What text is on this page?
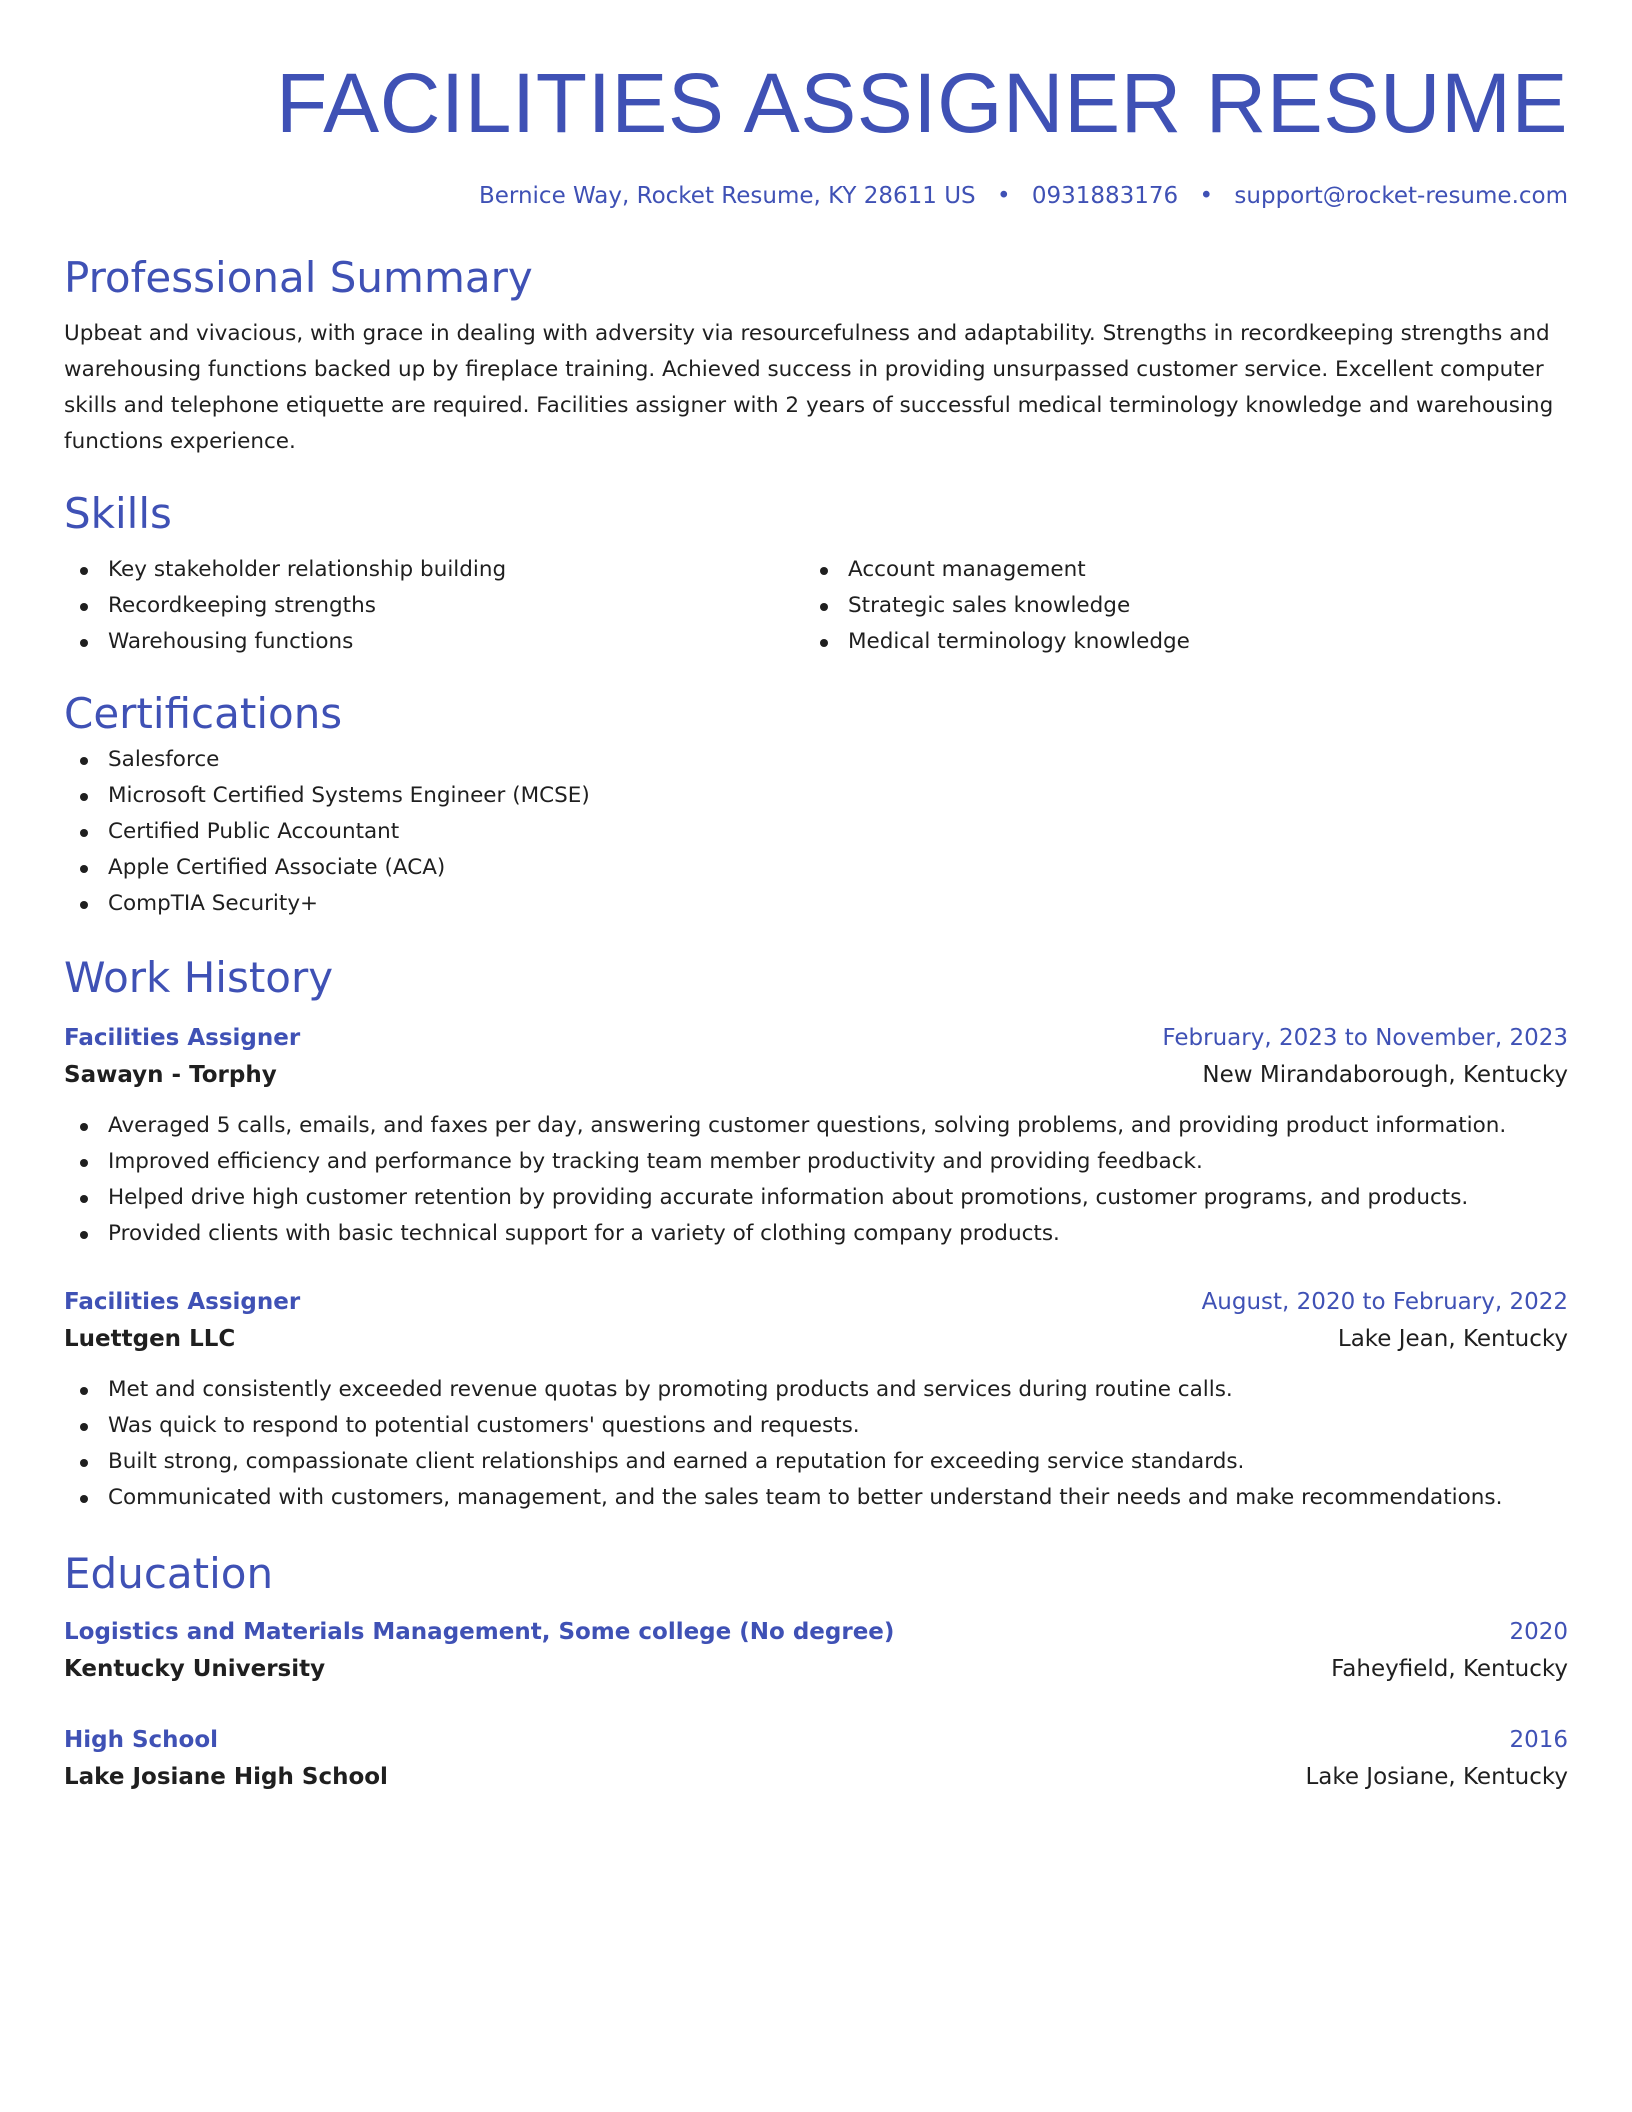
FACILITIES ASSIGNER RESUME
Bernice Way, Rocket Resume, KY 28611 US • 0931883176 • support@rocket-resume.com
Professional Summary
Upbeat and vivacious, with grace in dealing with adversity via resourcefulness and adaptability. Strengths in recordkeeping strengths and warehousing functions backed up by fireplace training. Achieved success in providing unsurpassed customer service. Excellent computer skills and telephone etiquette are required. Facilities assigner with 2 years of successful medical terminology knowledge and warehousing functions experience.
Skills
Key stakeholder relationship building
Recordkeeping strengths
Warehousing functions
Account management
Strategic sales knowledge
Medical terminology knowledge
Certifications
Salesforce
Microsoft Certified Systems Engineer (MCSE)
Certified Public Accountant
Apple Certified Associate (ACA)
CompTIA Security+
Work History
Facilities Assigner	February, 2023 to November, 2023
Sawayn - Torphy	New Mirandaborough, Kentucky
Averaged 5 calls, emails, and faxes per day, answering customer questions, solving problems, and providing product information.
Improved efficiency and performance by tracking team member productivity and providing feedback.
Helped drive high customer retention by providing accurate information about promotions, customer programs, and products.
Provided clients with basic technical support for a variety of clothing company products.
Facilities Assigner	August, 2020 to February, 2022
Luettgen LLC	Lake Jean, Kentucky
Met and consistently exceeded revenue quotas by promoting products and services during routine calls.
Was quick to respond to potential customers' questions and requests.
Built strong, compassionate client relationships and earned a reputation for exceeding service standards.
Communicated with customers, management, and the sales team to better understand their needs and make recommendations.
Education
Logistics and Materials Management, Some college (No degree)	2020
Kentucky University	Faheyfield, Kentucky
High School	2016
Lake Josiane High School	Lake Josiane, Kentucky
